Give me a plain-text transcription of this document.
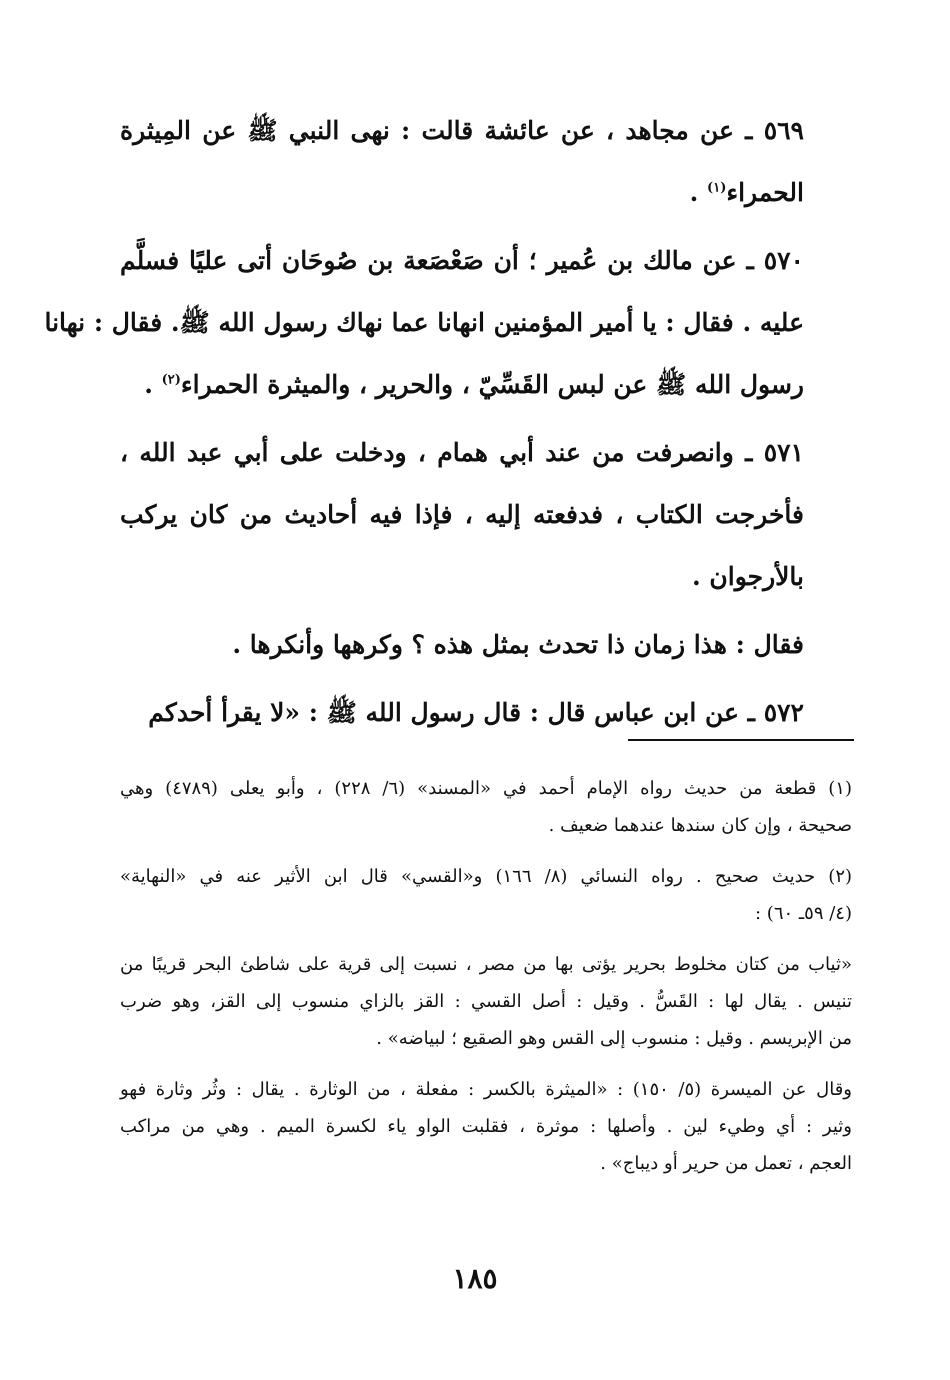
٥٦٩ ـ عن مجاهد ، عن عائشة قالت : نهى النبي ﷺ عن المِيثرة
الحمراء$^{(١)}$ .

٥٧٠ ـ عن مالك بن عُمير ؛ أن صَعْصَعة بن صُوحَان أتى عليًا فسلَّم
عليه . فقال : يا أمير المؤمنين انهانا عما نهاك رسول الله ﷺ. فقال : نهانا
رسول الله ﷺ عن لبس القَسِّيّ ، والحرير ، والميثرة الحمراء$^{(٢)}$ .

٥٧١ ـ وانصرفت من عند أبي همام ، ودخلت على أبي عبد الله ،
فأخرجت الكتاب ، فدفعته إليه ، فإذا فيه أحاديث من كان يركب
بالأرجوان .

فقال : هذا زمان ذا تحدث بمثل هذه ؟ وكرهها وأنكرها .

٥٧٢ ـ عن ابن عباس قال : قال رسول الله ﷺ : «لا يقرأ أحدكم

(١) قطعة من حديث رواه الإمام أحمد في «المسند» (٦/ ٢٢٨) ، وأبو يعلى (٤٧٨٩) وهي
صحيحة ، وإن كان سندها عندهما ضعيف .
(٢) حديث صحيح . رواه النسائي (٨/ ١٦٦) و«القسي» قال ابن الأثير عنه في «النهاية»
(٤/ ٥٩ـ ٦٠) :
«ثياب من كتان مخلوط بحرير يؤتى بها من مصر ، نسبت إلى قرية على شاطئ البحر قريبًا من
تنيس . يقال لها : القَسُّ . وقيل : أصل القسي : القز بالزاي منسوب إلى القز، وهو ضرب
من الإبريسم . وقيل : منسوب إلى القس وهو الصقيع ؛ لبياضه» .
وقال عن الميسرة (٥/ ١٥٠) : «الميثرة بالكسر : مفعلة ، من الوثارة . يقال : وثُر وثارة فهو
وثير : أي وطيء لين . وأصلها : موثرة ، فقلبت الواو ياء لكسرة الميم . وهي من مراكب
العجم ، تعمل من حرير أو ديباج» .
١٨٥
